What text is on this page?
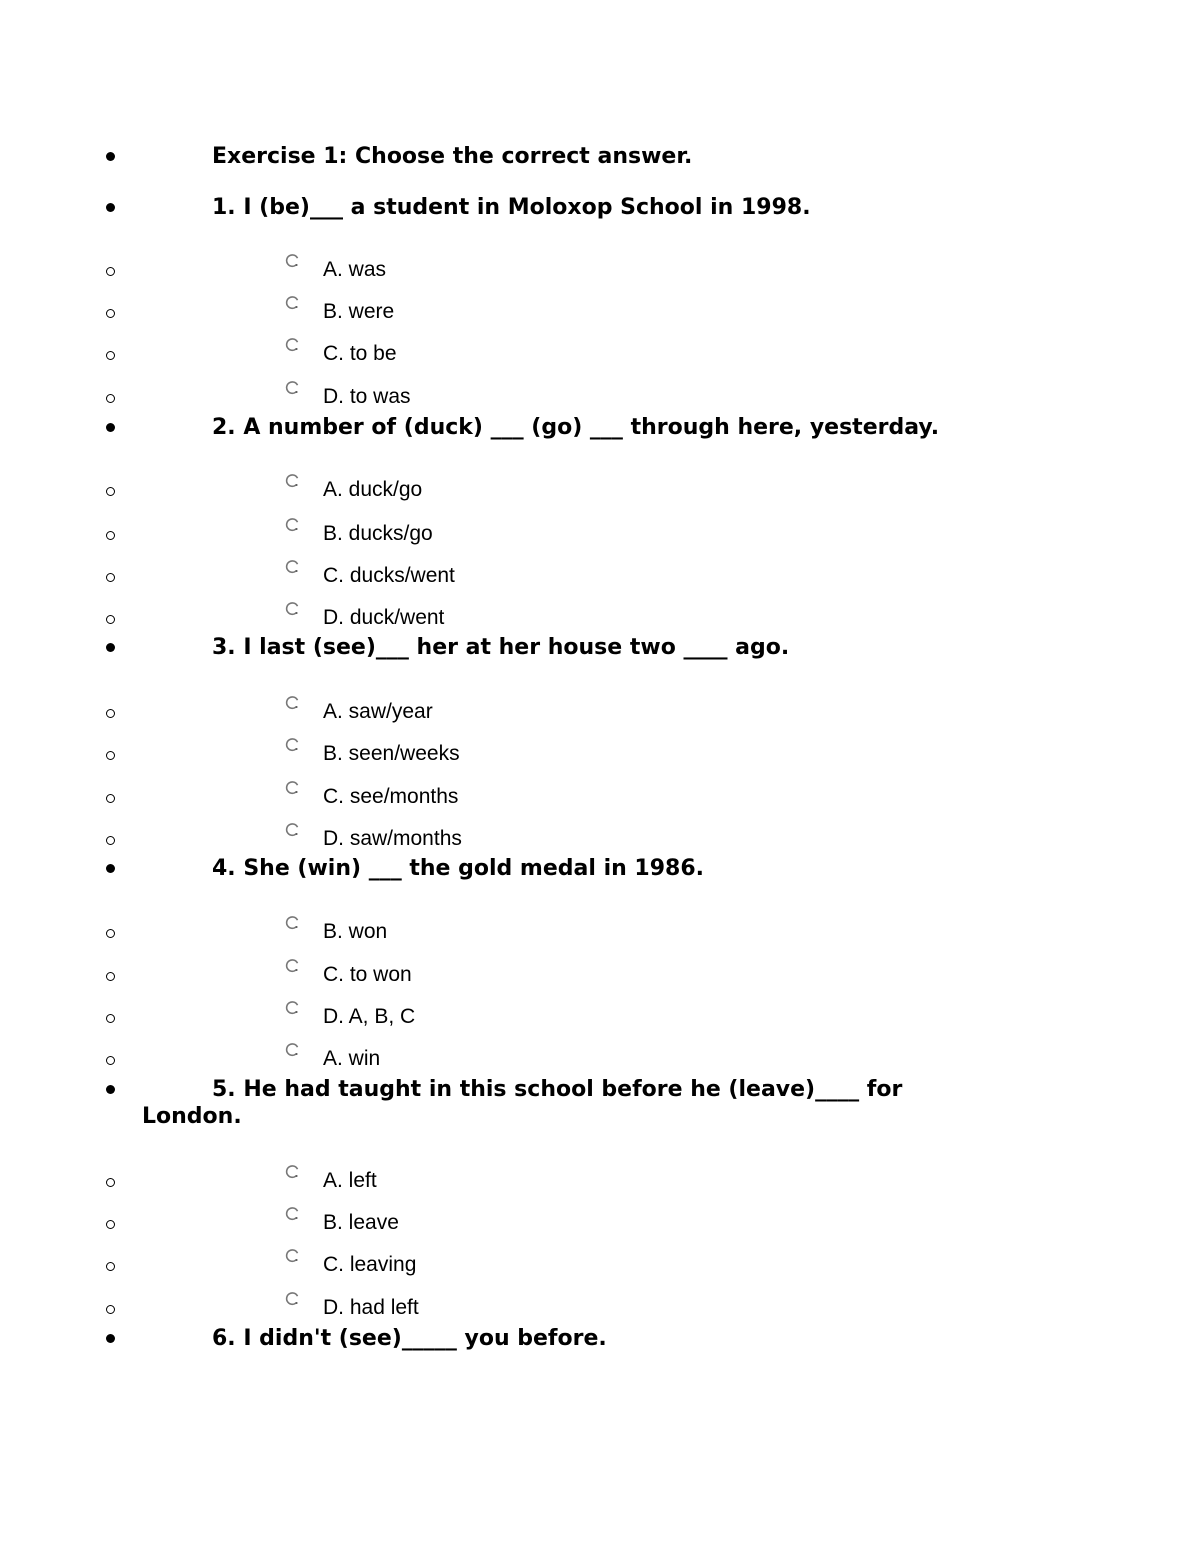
Exercise 1: Choose the correct answer.
1. I (be)___ a student in Moloxop School in 1998.
A. was
B. were
C. to be
D. to was
2. A number of (duck) ___ (go) ___ through here, yesterday.
A. duck/go
B. ducks/go
C. ducks/went
D. duck/went
3. I last (see)___ her at her house two ____ ago.
A. saw/year
B. seen/weeks
C. see/months
D. saw/months
4. She (win) ___ the gold medal in 1986.
B. won
C. to won
D. A, B, C
A. win
5. He had taught in this school before he (leave)____ for
London.
A. left
B. leave
C. leaving
D. had left
6. I didn't (see)_____ you before.
